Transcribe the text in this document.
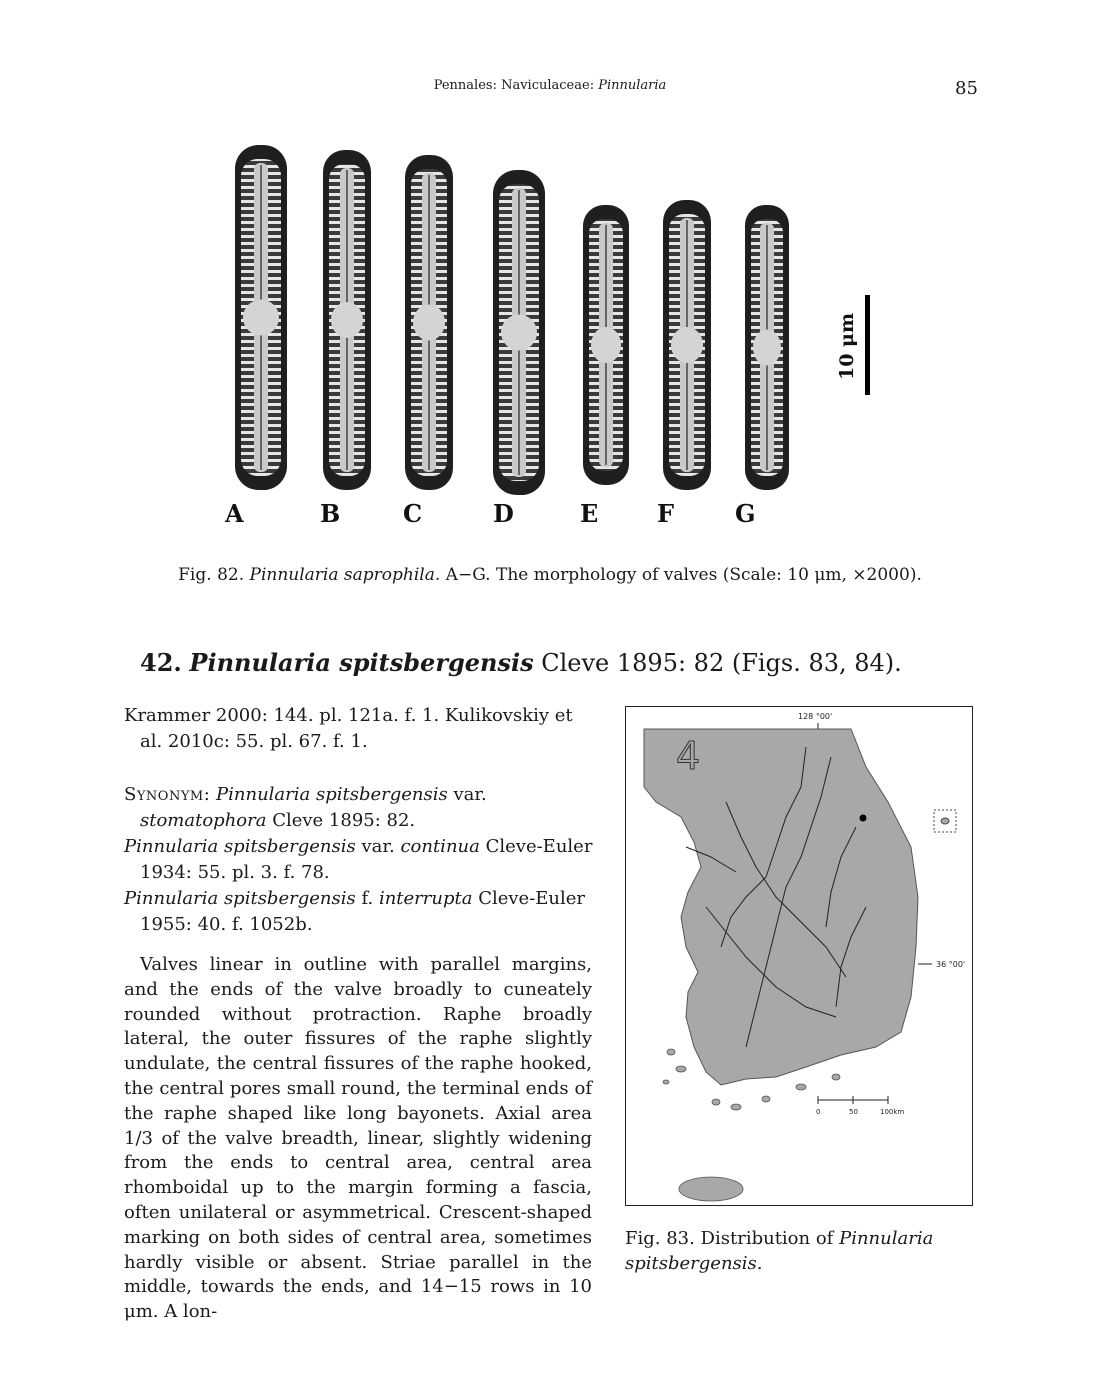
Pennales: Naviculaceae: Pinnularia	85
A	B	C	D	E F	G
10 μm
Fig. 82. Pinnularia saprophila. A−G. The morphology of valves (Scale: 10 μm, ×2000).
42. Pinnularia spitsbergensis Cleve 1895: 82 (Figs. 83, 84).

Krammer 2000: 144. pl. 121a. f. 1. Kulikovskiy et al. 2010c: 55. pl. 67. f. 1.

Synonym: Pinnularia spitsbergensis var. stomatophora Cleve 1895: 82.

Pinnularia spitsbergensis var. continua Cleve-Euler 1934: 55. pl. 3. f. 78.

Pinnularia spitsbergensis f. interrupta Cleve-Euler 1955: 40. f. 1052b.

Valves linear in outline with parallel margins, and the ends of the valve broadly to cuneately rounded without protraction. Raphe broadly lateral, the outer fissures of the raphe slightly undulate, the central fissures of the raphe hooked, the central pores small round, the terminal ends of the raphe shaped like long bayonets. Axial area 1/3 of the valve breadth, linear, slightly widening from the ends to central area, central area rhomboidal up to the margin forming a fascia, often unilateral or asymmetrical. Crescent-shaped marking on both sides of central area, sometimes hardly visible or absent. Striae parallel in the middle, towards the ends, and 14−15 rows in 10 μm. A lon-

128 °00'
36 °00'
4
0	50	100km
Fig. 83. Distribution of Pinnularia spitsbergensis.
